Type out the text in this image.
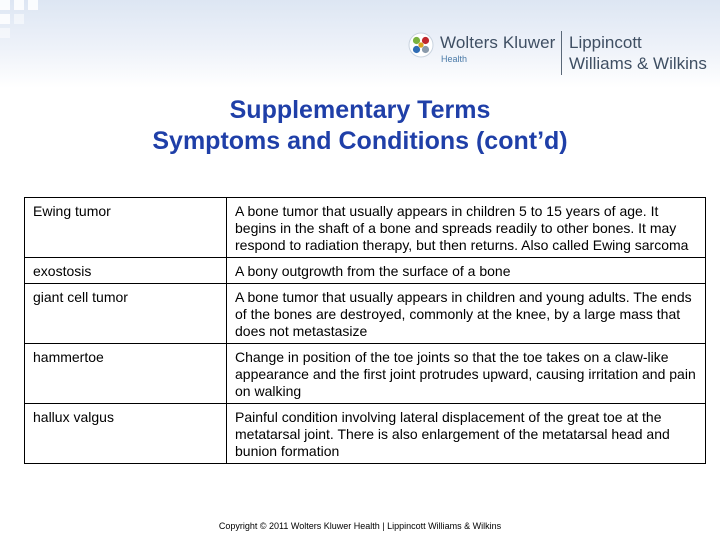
Wolters Kluwer
Health
Lippincott
Williams & Wilkins
Supplementary Terms
Symptoms and Conditions (cont’d)
Ewing tumor	A bone tumor that usually appears in children 5 to 15 years of age. It begins in the shaft of a bone and spreads readily to other bones. It may respond to radiation therapy, but then returns. Also called Ewing sarcoma
exostosis	A bony outgrowth from the surface of a bone
giant cell tumor	A bone tumor that usually appears in children and young adults. The ends of the bones are destroyed, commonly at the knee, by a large mass that does not metastasize
hammertoe	Change in position of the toe joints so that the toe takes on a claw-like appearance and the first joint protrudes upward, causing irritation and pain on walking
hallux valgus	Painful condition involving lateral displacement of the great toe at the metatarsal joint. There is also enlargement of the metatarsal head and bunion formation
Copyright © 2011 Wolters Kluwer Health | Lippincott Williams & Wilkins
